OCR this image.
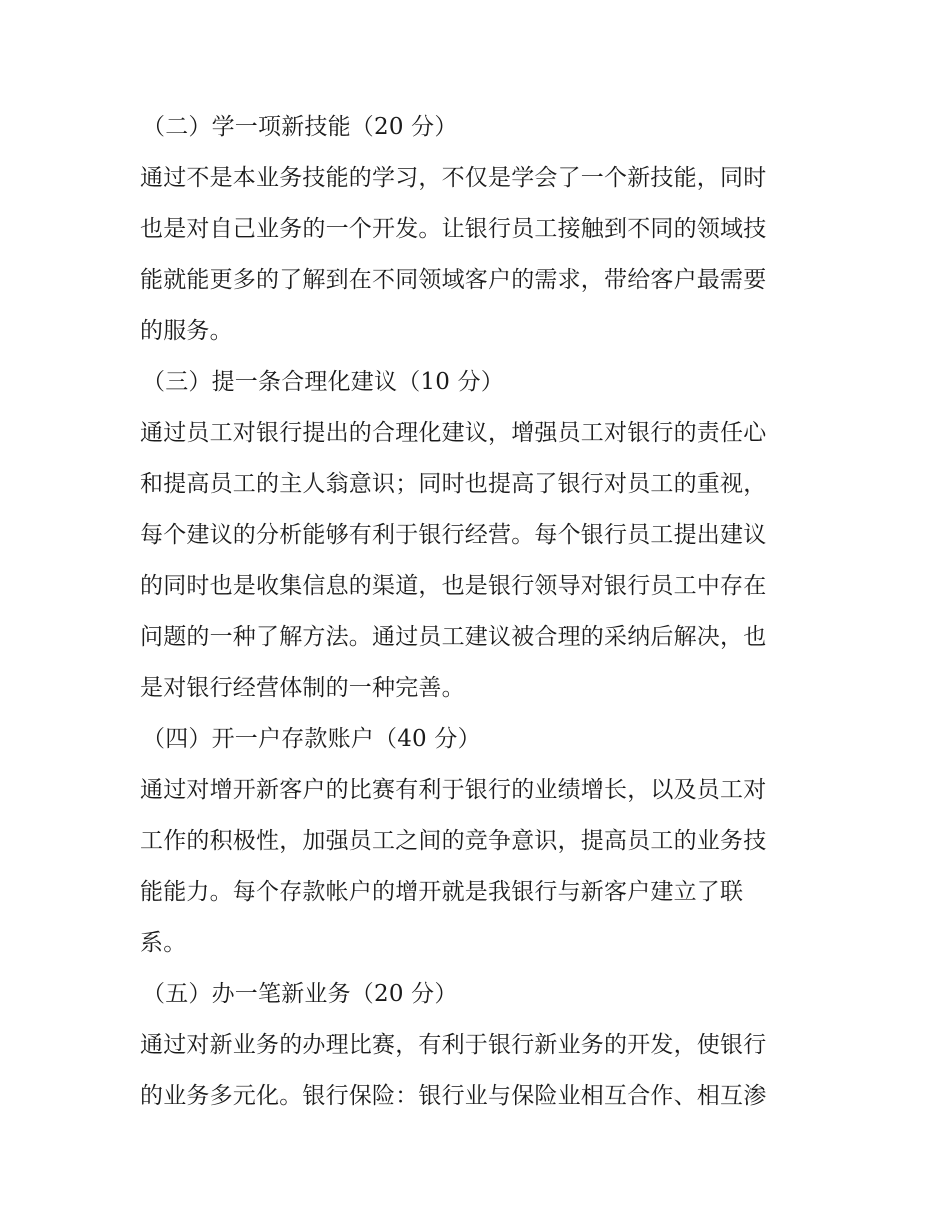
（二）学一项新技能（20 分）
通过不是本业务技能的学习，不仅是学会了一个新技能，同时
也是对自己业务的一个开发。让银行员工接触到不同的领域技
能就能更多的了解到在不同领域客户的需求，带给客户最需要
的服务。
（三）提一条合理化建议（10 分）
通过员工对银行提出的合理化建议，增强员工对银行的责任心
和提高员工的主人翁意识；同时也提高了银行对员工的重视，
每个建议的分析能够有利于银行经营。每个银行员工提出建议
的同时也是收集信息的渠道，也是银行领导对银行员工中存在
问题的一种了解方法。通过员工建议被合理的采纳后解决，也
是对银行经营体制的一种完善。
（四）开一户存款账户（40 分）
通过对增开新客户的比赛有利于银行的业绩增长，以及员工对
工作的积极性，加强员工之间的竞争意识，提高员工的业务技
能能力。每个存款帐户的增开就是我银行与新客户建立了联
系。
（五）办一笔新业务（20 分）
通过对新业务的办理比赛，有利于银行新业务的开发，使银行
的业务多元化。银行保险：银行业与保险业相互合作、相互渗
